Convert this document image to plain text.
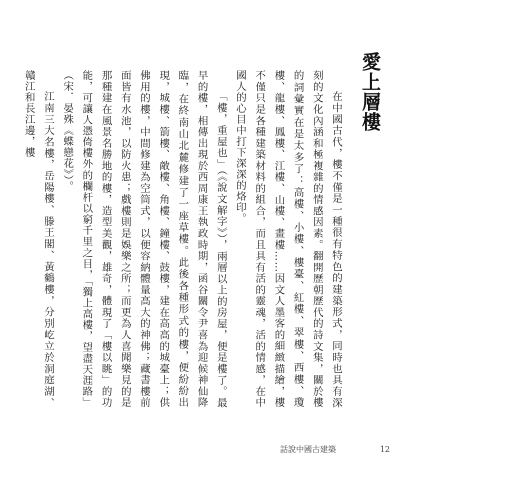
愛上層樓

在中國古代，樓不僅是一種很有特色的建築形式，同時也具有深刻的文化內涵和極複雜的情感因素。翻開歷朝歷代的詩文集，關於樓的詞彙實在是太多了：高樓、小樓、樓臺、紅樓、翠樓、西樓、瓊樓、龍樓、鳳樓、江樓、山樓、畫樓……因文人墨客的細緻描繪，樓不僅只是各種建築材料的組合，而且具有活的靈魂，活的情感，在中國人的心目中打下深深的烙印。

「樓，重屋也」（《說文解字》），兩層以上的房屋，便是樓了。最早的樓，相傳出現於西周康王執政時期，函谷關令尹喜為迎候神仙降臨，在終南山北麓修建了一座草樓。此後各種形式的樓，便紛紛出現，城樓、箭樓、敵樓、角樓、鐘樓、鼓樓，建在高高的城臺上；供佛用的樓，中間修建為空筒式，以便容納體量高大的神佛；藏書樓前面皆有水池，以防火患；戲樓則是娛樂之所；而更為人喜聞樂見的是那種建在風景名勝地的樓，造型美觀，雄奇，體現了「樓以眺」的功能，可讓人憑倚樓外的欄杆以窮千里之目，「獨上高樓，望盡天涯路」（宋．晏殊《蝶戀花》）。

江南三大名樓，岳陽樓、滕王閣、黃鶴樓，分別屹立於洞庭湖、贛江和長江邊，樓

話說中國古建築	12
